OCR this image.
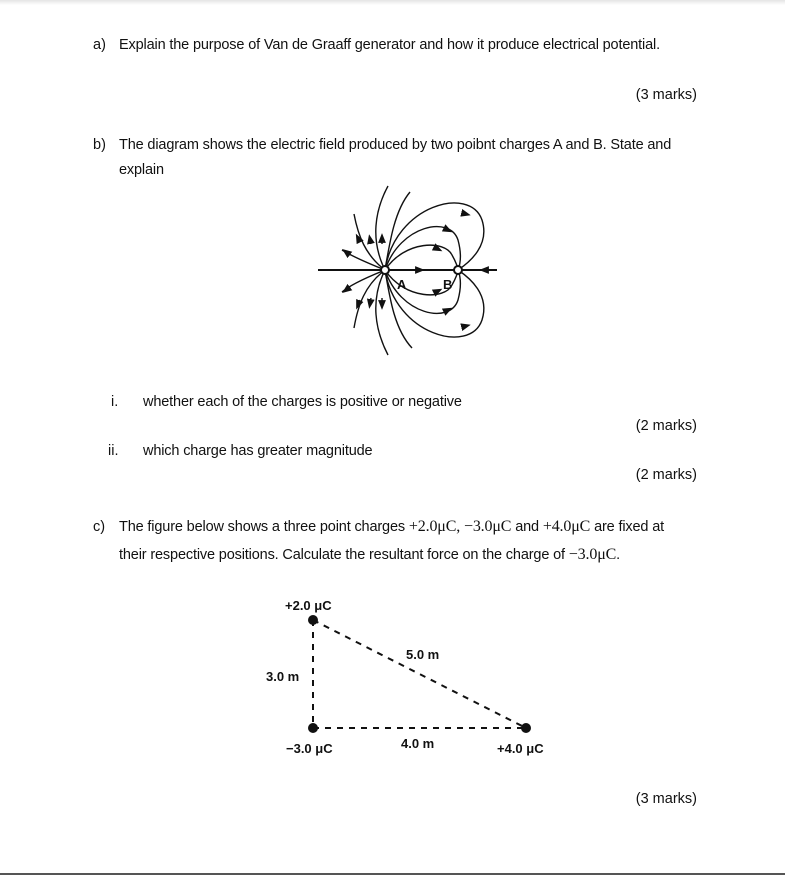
a) Explain the purpose of Van de Graaff generator and how it produce electrical potential.
(3 marks)
b) The diagram shows the electric field produced by two poibnt charges A and B. State and
explain
A	B
i. whether each of the charges is positive or negative
(2 marks)
ii. which charge has greater magnitude
(2 marks)
c) The figure below shows a three point charges +2.0μC, −3.0μC and +4.0μC are fixed at
their respective positions. Calculate the resultant force on the charge of −3.0μC.
+2.0 μC
3.0 m
5.0 m
−3.0 μC	4.0 m	+4.0 μC
(3 marks)
